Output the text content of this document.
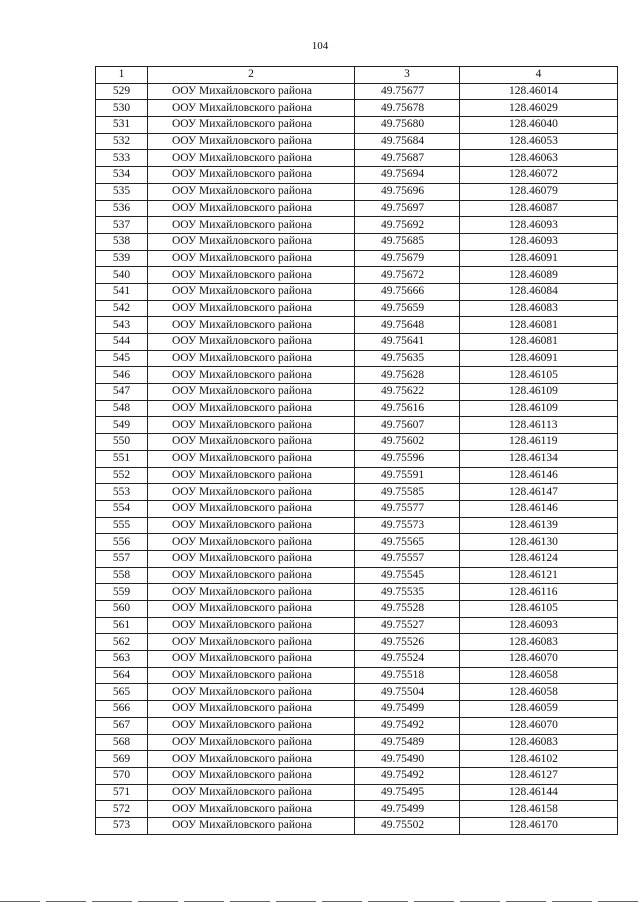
104
1	2	3	4
529	ООУ Михайловского района	49.75677	128.46014
530	ООУ Михайловского района	49.75678	128.46029
531	ООУ Михайловского района	49.75680	128.46040
532	ООУ Михайловского района	49.75684	128.46053
533	ООУ Михайловского района	49.75687	128.46063
534	ООУ Михайловского района	49.75694	128.46072
535	ООУ Михайловского района	49.75696	128.46079
536	ООУ Михайловского района	49.75697	128.46087
537	ООУ Михайловского района	49.75692	128.46093
538	ООУ Михайловского района	49.75685	128.46093
539	ООУ Михайловского района	49.75679	128.46091
540	ООУ Михайловского района	49.75672	128.46089
541	ООУ Михайловского района	49.75666	128.46084
542	ООУ Михайловского района	49.75659	128.46083
543	ООУ Михайловского района	49.75648	128.46081
544	ООУ Михайловского района	49.75641	128.46081
545	ООУ Михайловского района	49.75635	128.46091
546	ООУ Михайловского района	49.75628	128.46105
547	ООУ Михайловского района	49.75622	128.46109
548	ООУ Михайловского района	49.75616	128.46109
549	ООУ Михайловского района	49.75607	128.46113
550	ООУ Михайловского района	49.75602	128.46119
551	ООУ Михайловского района	49.75596	128.46134
552	ООУ Михайловского района	49.75591	128.46146
553	ООУ Михайловского района	49.75585	128.46147
554	ООУ Михайловского района	49.75577	128.46146
555	ООУ Михайловского района	49.75573	128.46139
556	ООУ Михайловского района	49.75565	128.46130
557	ООУ Михайловского района	49.75557	128.46124
558	ООУ Михайловского района	49.75545	128.46121
559	ООУ Михайловского района	49.75535	128.46116
560	ООУ Михайловского района	49.75528	128.46105
561	ООУ Михайловского района	49.75527	128.46093
562	ООУ Михайловского района	49.75526	128.46083
563	ООУ Михайловского района	49.75524	128.46070
564	ООУ Михайловского района	49.75518	128.46058
565	ООУ Михайловского района	49.75504	128.46058
566	ООУ Михайловского района	49.75499	128.46059
567	ООУ Михайловского района	49.75492	128.46070
568	ООУ Михайловского района	49.75489	128.46083
569	ООУ Михайловского района	49.75490	128.46102
570	ООУ Михайловского района	49.75492	128.46127
571	ООУ Михайловского района	49.75495	128.46144
572	ООУ Михайловского района	49.75499	128.46158
573	ООУ Михайловского района	49.75502	128.46170
